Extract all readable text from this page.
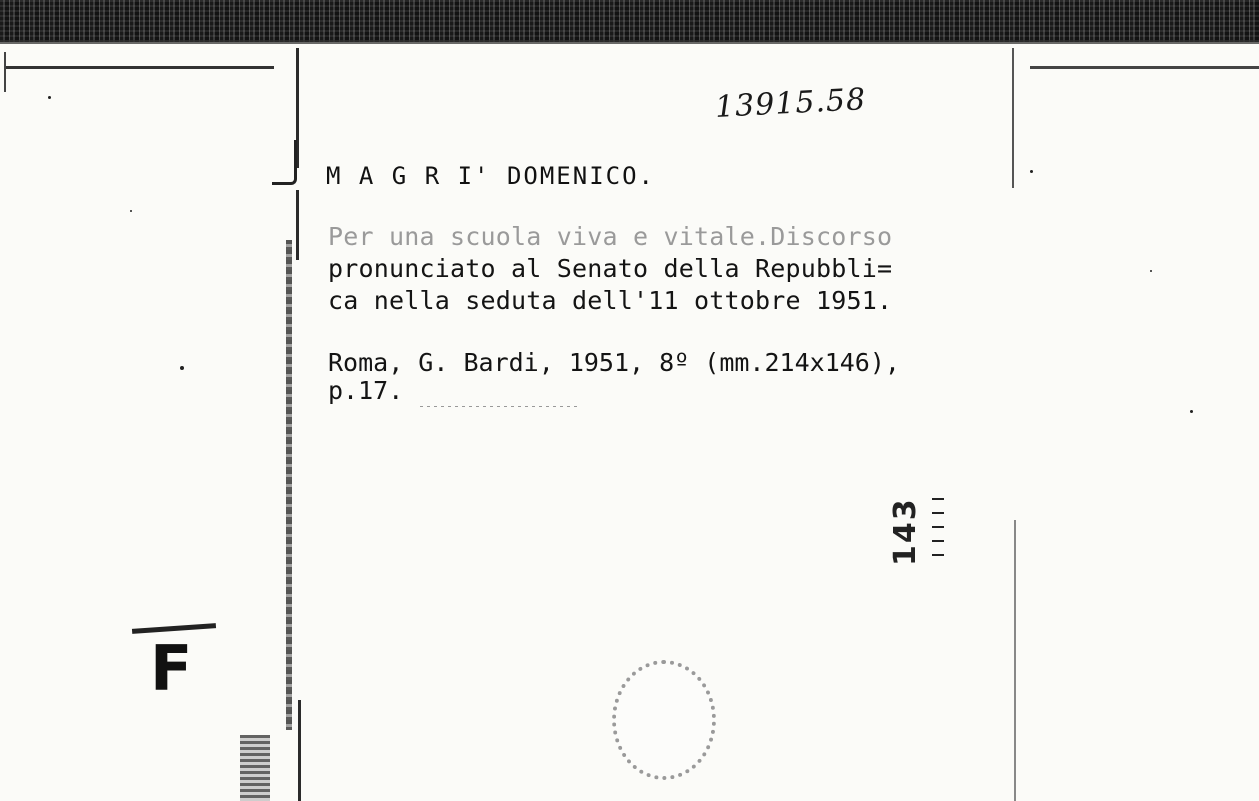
13915.58
M A G R I' DOMENICO.
Per una scuola viva e vitale.Discorso
pronunciato al Senato della Repubbli=
ca nella seduta dell'11 ottobre 1951.
Roma, G. Bardi, 1951, 8º (mm.214x146),
p.17.
143
F
